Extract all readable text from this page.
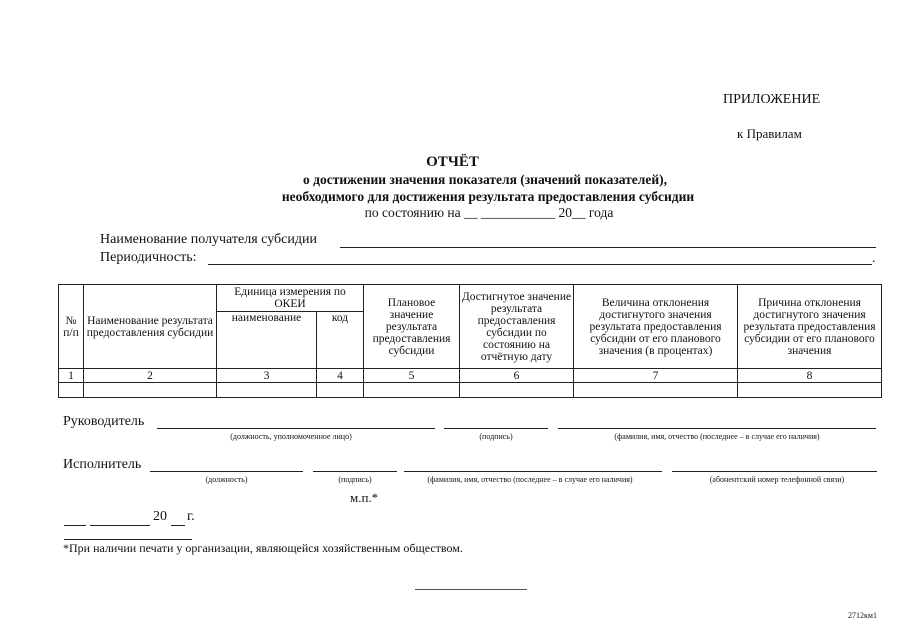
ПРИЛОЖЕНИЕ
к Правилам
ОТЧЁТ
о достижении значения показателя (значений показателей),
необходимого для достижения результата предоставления субсидии
по состоянию на __ ___________ 20__ года
Наименование получателя субсидии
Периодичность:	.
№ п/п	Наименование результата предоставления субсидии	Единица измерения по ОКЕИ		Плановое значение результата предоставления субсидии	Достигнутое значение результата предоставления субсидии по состоянию на отчётную дату	Величина отклонения достигнутого значения результата предоставления субсидии от его планового значения (в процентах)	Причина отклонения достигнутого значения результата предоставления субсидии от его планового значения
		наименование	код				
1	2	3	4	5	6	7	8

Руководитель
(должность, уполномоченное лицо)	(подпись)	(фамилия, имя, отчество (последнее – в случае его наличия)
Исполнитель
(должность)	(подпись)	(фамилия, имя, отчество (последнее – в случае его наличия)	(абонентский номер телефонной связи)
м.п.*
20 г.
*При наличии печати у организации, являющейся хозяйственным обществом.
2712км1
